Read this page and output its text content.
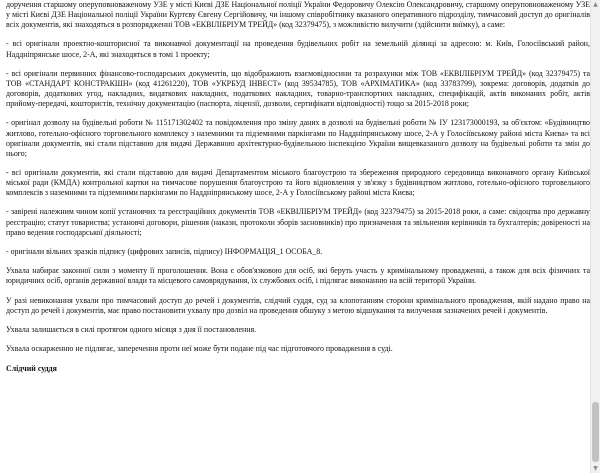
доручення старшому оперуповноваженому УЗЕ у місті Києві ДЗЕ Національної поліції України Федоровичу Олексію Олександровичу, старшому оперуповноваженому УЗЕ у місті Києві ДЗЕ Національної поліції України Куртєву Євгену Сергійовичу, чи іншому співробітнику вказаного оперативного підрозділу, тимчасовий доступ до оригіналів всіх документів, які знаходяться в розпорядженні ТОВ «ЕКВІЛІБРІУМ ТРЕЙД» (код 32379475), з можливістю вилучити (здійснити виїмку), а саме:

- всі оригінали проектно-кошторисної та виконавчої документації на проведення будівельних робіт на земельній ділянці за адресою: м. Київ, Голосіївський район, Наддніпрянське шосе, 2-А, які знаходяться в томі 1 проекту;

- всі оригінали первинних фінансово-господарських документів, що відображають взаємовідносини та розрахунки між ТОВ «ЕКВІЛІБРІУМ ТРЕЙД» (код 32379475) та ТОВ «СТАНДАРТ КОНСТРАКШН» (код 41261220), ТОВ «УКРБУД ІНВЕСТ» (код 39534785), ТОВ «АРХІМАТИКА» (код 33783799), зокрема: договорів, додатків до договорів, додаткових угод, накладних, видаткових накладних, податкових накладних, товарно-транспортних накладних, специфікацій, актів виконаних робіт, актів прийому-передачі, коштористів, технічну документацію (паспорта, ліцензії, дозволи, сертифікати відповідності) тощо за 2015-2018 роки;

- оригінал дозволу на будівельні роботи № 115171302402 та повідомлення про зміну даних в дозволі на будівельні роботи № ІУ 123173000193, за об'єктом: «Будівництво житлово, готельно-офісного торговельного комплексу з наземними та підземними паркінгами по Наддніпрянському шосе, 2-А у Голосіївському районі міста Києва» та всі оригінали документів, які стали підставою для видачі Державною архітектурно-будівельною інспекцією України вищевказаного дозволу на будівельні роботи та змін до нього;

- всі оригінали документів, які стали підставою для видачі Департаментом міського благоустрою та збереження природного середовища виконавчого органу Київської міської ради (КМДА) контрольної картки на тимчасове порушення благоустрою та його відновлення у зв'язку з будівництвом житлово, готельно-офісного торговельного комплексів з наземними та підземними паркінгами по Наддніпрянському шосе, 2-А у Голосіївському районі міста Києва;

- завірені належним чином копії установчих та реєстраційних документів ТОВ «ЕКВІЛІБРІУМ ТРЕЙД» (код 32379475) за 2015-2018 роки, а саме: свідоцтва про державну реєстрацію; статут товариства; установчі договори, рішення (накази, протоколи зборів засновників) про призначення та звільнення керівників та бухгалтерів; довіреності на право ведення господарської діяльності;

- оригінали вільних зразків підпису (цифрових записів, підпису) ІНФОРМАЦІЯ_1 ОСОБА_8.

Ухвала набирає законної сили з моменту її проголошення. Вона є обов'язковою для осіб, які беруть участь у кримінальному провадженні, а також для всіх фізичних та юридичних осіб, органів державної влади та місцевого самоврядування, їх службових осіб, і підлягає виконанню на всій території України.

У разі невиконання ухвали про тимчасовий доступ до речей і документів, слідчий суддя, суд за клопотанням сторони кримінального провадження, якій надано право на доступ до речей і документів, має право постановити ухвалу про дозвіл на проведення обшуку з метою відшукання та вилучення зазначених речей і документів.

Ухвала залишається в силі протягом одного місяця з дня її постановлення.

Ухвала оскарженню не підлягає, заперечення проти неї може бути подане під час підготовчого провадження в суді.

Слідчий суддя

▲
▼
